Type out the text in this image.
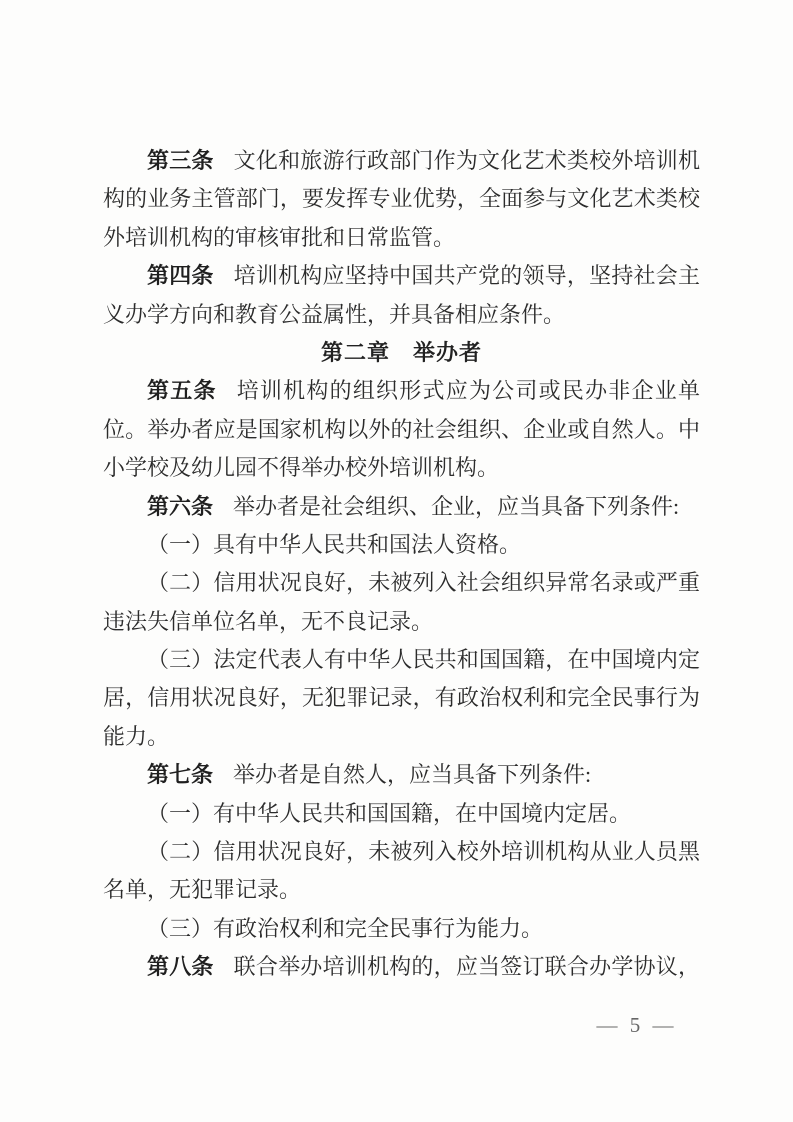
第三条 文化和旅游行政部门作为文化艺术类校外培训机
构的业务主管部门，要发挥专业优势，全面参与文化艺术类校
外培训机构的审核审批和日常监管。
第四条 培训机构应坚持中国共产党的领导，坚持社会主
义办学方向和教育公益属性，并具备相应条件。
第二章　举办者
第五条 培训机构的组织形式应为公司或民办非企业单
位。举办者应是国家机构以外的社会组织、企业或自然人。中
小学校及幼儿园不得举办校外培训机构。
第六条 举办者是社会组织、企业，应当具备下列条件:
（一）具有中华人民共和国法人资格。
（二）信用状况良好，未被列入社会组织异常名录或严重
违法失信单位名单，无不良记录。
（三）法定代表人有中华人民共和国国籍，在中国境内定
居，信用状况良好，无犯罪记录，有政治权利和完全民事行为
能力。
第七条 举办者是自然人，应当具备下列条件:
（一）有中华人民共和国国籍，在中国境内定居。
（二）信用状况良好，未被列入校外培训机构从业人员黑
名单，无犯罪记录。
（三）有政治权利和完全民事行为能力。
第八条 联合举办培训机构的，应当签订联合办学协议，
— 5 —
